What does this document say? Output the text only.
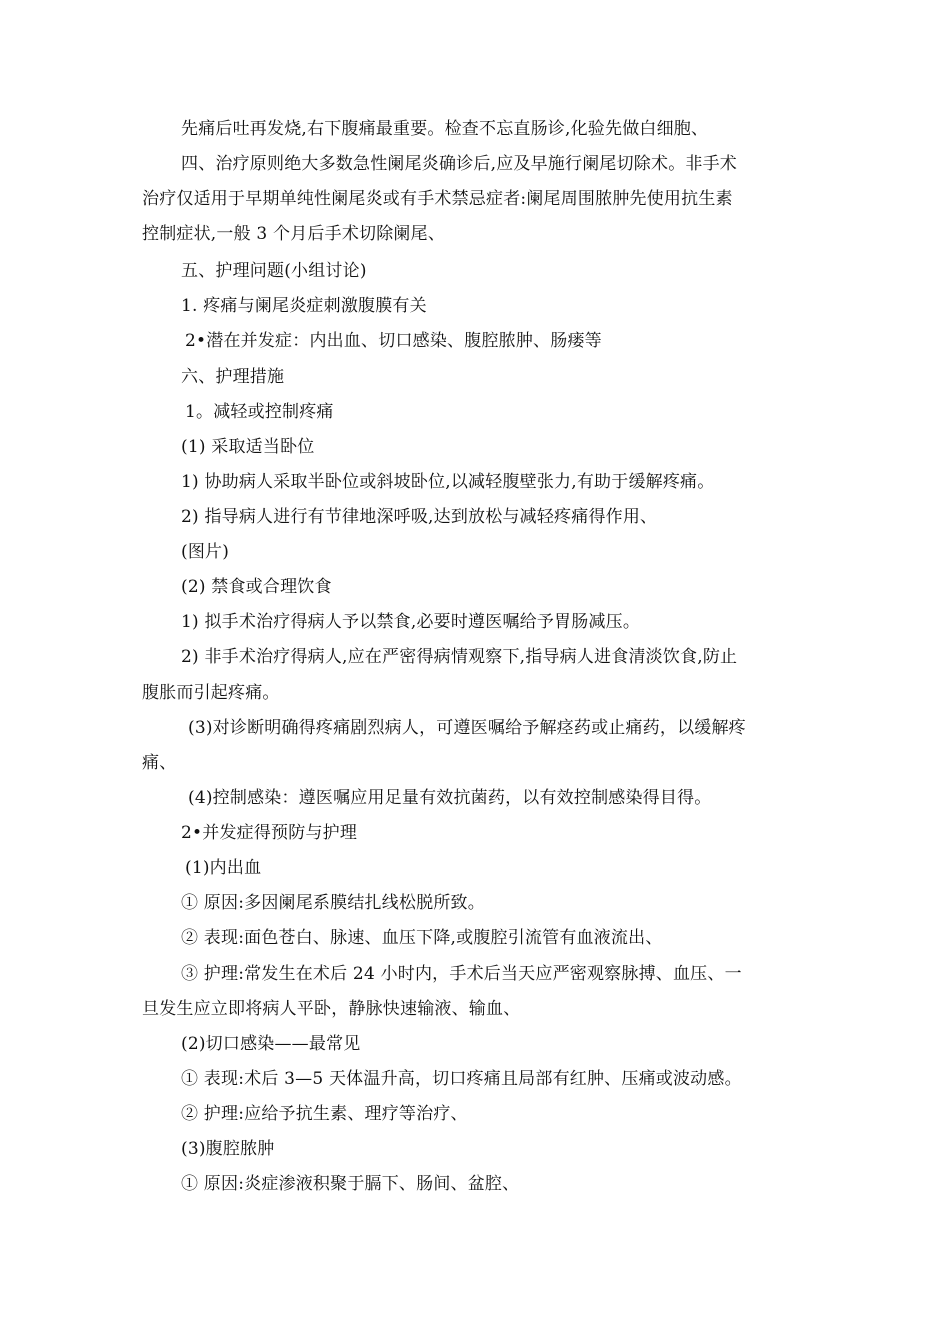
先痛后吐再发烧,右下腹痛最重要。检查不忘直肠诊,化验先做白细胞、
四、治疗原则绝大多数急性阑尾炎确诊后,应及早施行阑尾切除术。非手术
治疗仅适用于早期单纯性阑尾炎或有手术禁忌症者:阑尾周围脓肿先使用抗生素
控制症状,一般 3 个月后手术切除阑尾、
五、护理问题(小组讨论)
1. 疼痛与阑尾炎症刺激腹膜有关
2•潜在并发症：内出血、切口感染、腹腔脓肿、肠瘘等
六、护理措施
1。减轻或控制疼痛
(1) 采取适当卧位
1) 协助病人采取半卧位或斜坡卧位,以减轻腹壁张力,有助于缓解疼痛。
2) 指导病人进行有节律地深呼吸,达到放松与减轻疼痛得作用、
(图片)
(2) 禁食或合理饮食
1) 拟手术治疗得病人予以禁食,必要时遵医嘱给予胃肠减压。
2) 非手术治疗得病人,应在严密得病情观察下,指导病人进食清淡饮食,防止
腹胀而引起疼痛。
(3)对诊断明确得疼痛剧烈病人，可遵医嘱给予解痉药或止痛药，以缓解疼
痛、
(4)控制感染：遵医嘱应用足量有效抗菌药，以有效控制感染得目得。
2•并发症得预防与护理
(1)内出血
① 原因:多因阑尾系膜结扎线松脱所致。
② 表现:面色苍白、脉速、血压下降,或腹腔引流管有血液流出、
③ 护理:常发生在术后 24 小时内，手术后当天应严密观察脉搏、血压、一
旦发生应立即将病人平卧，静脉快速输液、输血、
(2)切口感染——最常见
① 表现:术后 3—5 天体温升高，切口疼痛且局部有红肿、压痛或波动感。
② 护理:应给予抗生素、理疗等治疗、
(3)腹腔脓肿
① 原因:炎症渗液积聚于膈下、肠间、盆腔、
